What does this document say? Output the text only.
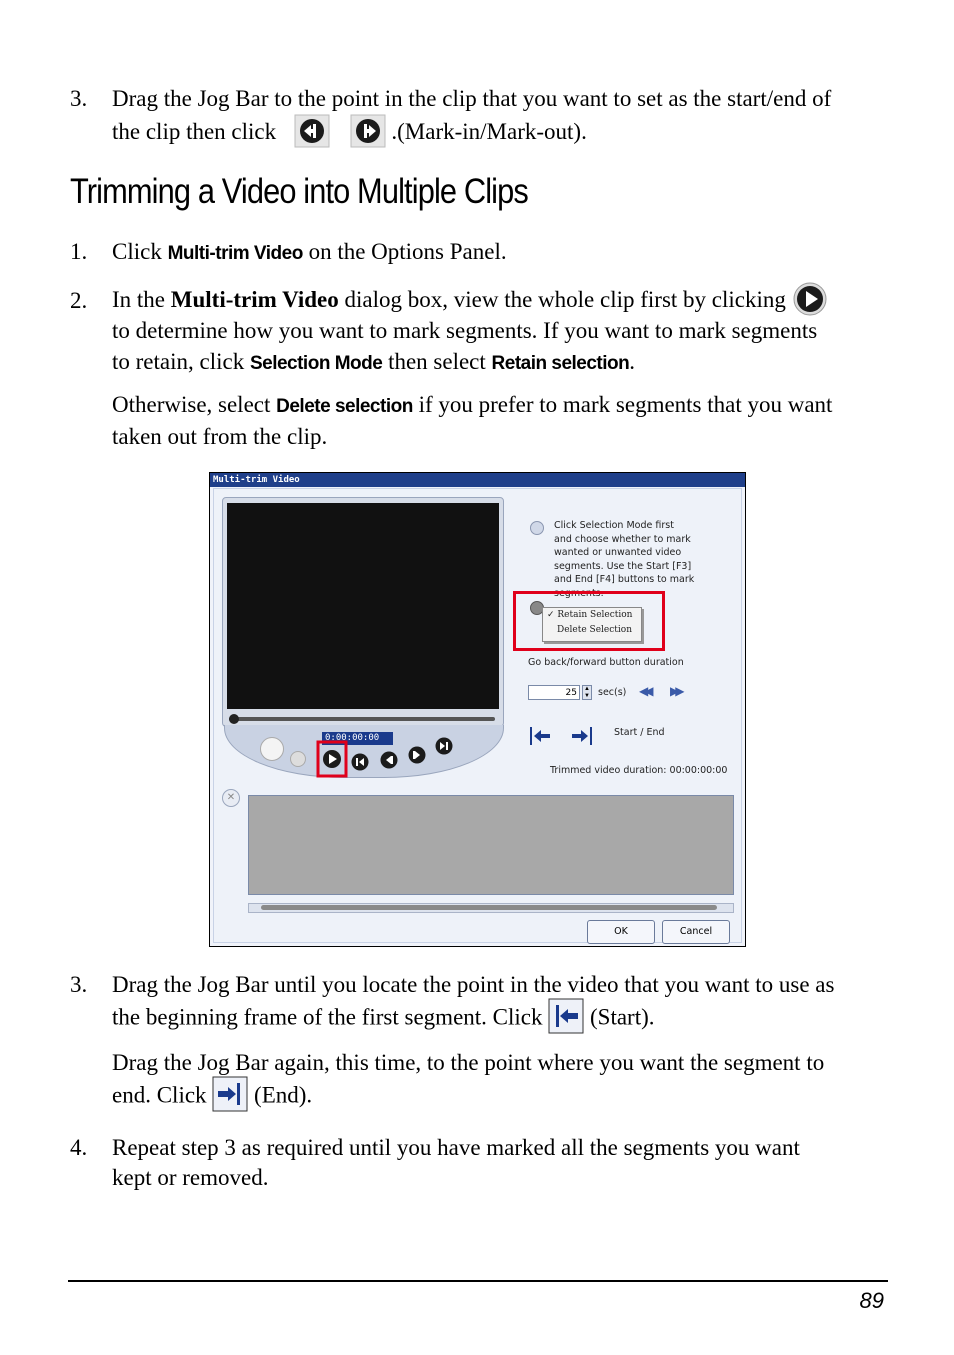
3. Drag the Jog Bar to the point in the clip that you want to set as the start/end of
the clip then click	.(Mark-in/Mark-out).
Trimming a Video into Multiple Clips
1. Click Multi-trim Video on the Options Panel.
2. In the Multi-trim Video dialog box, view the whole clip first by clicking
to determine how you want to mark segments. If you want to mark segments
to retain, click Selection Mode then select Retain selection.
Otherwise, select Delete selection if you prefer to mark segments that you want
taken out from the clip.
Multi-trim Video
0:00:00:00
Click Selection Mode first
and choose whether to mark
wanted or unwanted video
segments. Use the Start [F3]
and End [F4] buttons to mark
segments.
✓ Retain Selection
Delete Selection
Go back/forward button duration
25	▲
▼ sec(s) ◀◀ ▶▶
Start / End
Trimmed video duration: 00:00:00:00
✕
OK	Cancel
3. Drag the Jog Bar until you locate the point in the video that you want to use as
the beginning frame of the first segment. Click (Start).
Drag the Jog Bar again, this time, to the point where you want the segment to
end. Click (End).
4. Repeat step 3 as required until you have marked all the segments you want
kept or removed.
89
